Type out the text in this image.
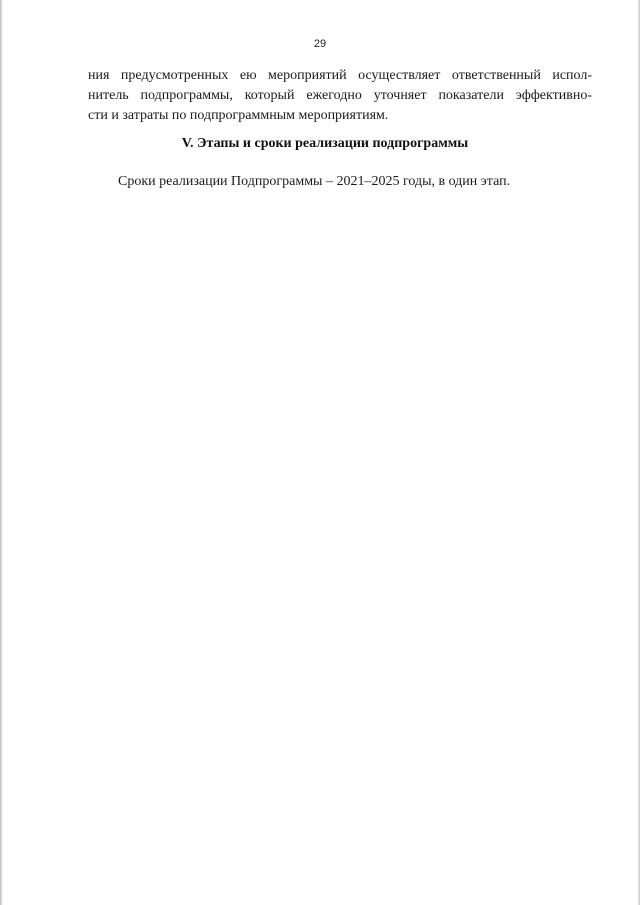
29
ния предусмотренных ею мероприятий осуществляет ответственный испол-
нитель подпрограммы, который ежегодно уточняет показатели эффективно-
сти и затраты по подпрограммным мероприятиям.
V. Этапы и сроки реализации подпрограммы
Сроки реализации Подпрограммы – 2021–2025 годы, в один этап.
